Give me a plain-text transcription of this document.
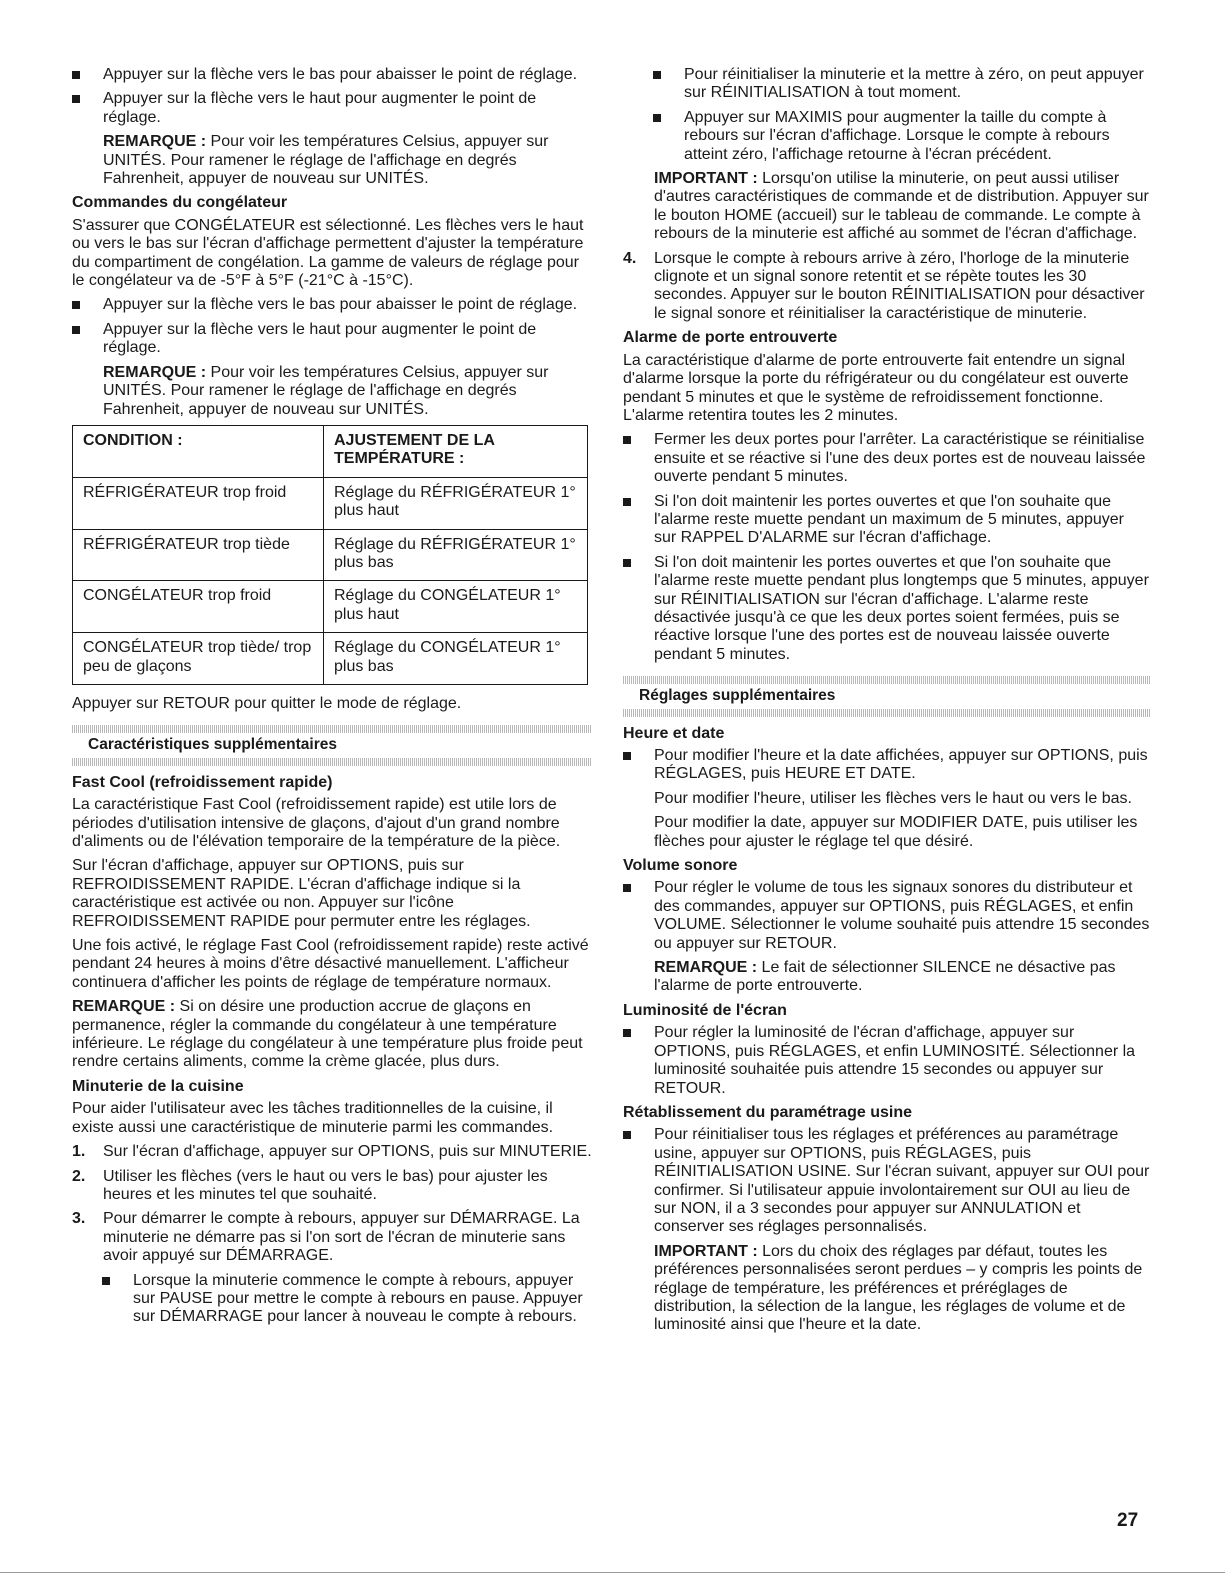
Appuyer sur la flèche vers le bas pour abaisser le point de réglage.
Appuyer sur la flèche vers le haut pour augmenter le point de réglage.
REMARQUE : Pour voir les températures Celsius, appuyer sur UNITÉS. Pour ramener le réglage de l'affichage en degrés Fahrenheit, appuyer de nouveau sur UNITÉS.
Commandes du congélateur

S'assurer que CONGÉLATEUR est sélectionné. Les flèches vers le haut ou vers le bas sur l'écran d'affichage permettent d'ajuster la température du compartiment de congélation. La gamme de valeurs de réglage pour le congélateur va de -5°F à 5°F (-21°C à -15°C).

Appuyer sur la flèche vers le bas pour abaisser le point de réglage.
Appuyer sur la flèche vers le haut pour augmenter le point de réglage.
REMARQUE : Pour voir les températures Celsius, appuyer sur UNITÉS. Pour ramener le réglage de l'affichage en degrés Fahrenheit, appuyer de nouveau sur UNITÉS.
CONDITION :	AJUSTEMENT DE LA TEMPÉRATURE :
RÉFRIGÉRATEUR trop froid	Réglage du RÉFRIGÉRATEUR 1° plus haut
RÉFRIGÉRATEUR trop tiède	Réglage du RÉFRIGÉRATEUR 1° plus bas
CONGÉLATEUR trop froid	Réglage du CONGÉLATEUR 1° plus haut
CONGÉLATEUR trop tiède/ trop peu de glaçons	Réglage du CONGÉLATEUR 1° plus bas

Appuyer sur RETOUR pour quitter le mode de réglage.

Caractéristiques supplémentaires
Fast Cool (refroidissement rapide)

La caractéristique Fast Cool (refroidissement rapide) est utile lors de périodes d'utilisation intensive de glaçons, d'ajout d'un grand nombre d'aliments ou de l'élévation temporaire de la température de la pièce.

Sur l'écran d'affichage, appuyer sur OPTIONS, puis sur REFROIDISSEMENT RAPIDE. L'écran d'affichage indique si la caractéristique est activée ou non. Appuyer sur l'icône REFROIDISSEMENT RAPIDE pour permuter entre les réglages.

Une fois activé, le réglage Fast Cool (refroidissement rapide) reste activé pendant 24 heures à moins d'être désactivé manuellement. L'afficheur continuera d'afficher les points de réglage de température normaux.

REMARQUE : Si on désire une production accrue de glaçons en permanence, régler la commande du congélateur à une température inférieure. Le réglage du congélateur à une température plus froide peut rendre certains aliments, comme la crème glacée, plus durs.

Minuterie de la cuisine

Pour aider l'utilisateur avec les tâches traditionnelles de la cuisine, il existe aussi une caractéristique de minuterie parmi les commandes.

1. Sur l'écran d'affichage, appuyer sur OPTIONS, puis sur MINUTERIE.
2. Utiliser les flèches (vers le haut ou vers le bas) pour ajuster les heures et les minutes tel que souhaité.
3. Pour démarrer le compte à rebours, appuyer sur DÉMARRAGE. La minuterie ne démarre pas si l'on sort de l'écran de minuterie sans avoir appuyé sur DÉMARRAGE.
Lorsque la minuterie commence le compte à rebours, appuyer sur PAUSE pour mettre le compte à rebours en pause. Appuyer sur DÉMARRAGE pour lancer à nouveau le compte à rebours.
Pour réinitialiser la minuterie et la mettre à zéro, on peut appuyer sur RÉINITIALISATION à tout moment.
Appuyer sur MAXIMIS pour augmenter la taille du compte à rebours sur l'écran d'affichage. Lorsque le compte à rebours atteint zéro, l'affichage retourne à l'écran précédent.
IMPORTANT : Lorsqu'on utilise la minuterie, on peut aussi utiliser d'autres caractéristiques de commande et de distribution. Appuyer sur le bouton HOME (accueil) sur le tableau de commande. Le compte à rebours de la minuterie est affiché au sommet de l'écran d'affichage.
4. Lorsque le compte à rebours arrive à zéro, l'horloge de la minuterie clignote et un signal sonore retentit et se répète toutes les 30 secondes. Appuyer sur le bouton RÉINITIALISATION pour désactiver le signal sonore et réinitialiser la caractéristique de minuterie.
Alarme de porte entrouverte

La caractéristique d'alarme de porte entrouverte fait entendre un signal d'alarme lorsque la porte du réfrigérateur ou du congélateur est ouverte pendant 5 minutes et que le système de refroidissement fonctionne. L'alarme retentira toutes les 2 minutes.

Fermer les deux portes pour l'arrêter. La caractéristique se réinitialise ensuite et se réactive si l'une des deux portes est de nouveau laissée ouverte pendant 5 minutes.
Si l'on doit maintenir les portes ouvertes et que l'on souhaite que l'alarme reste muette pendant un maximum de 5 minutes, appuyer sur RAPPEL D'ALARME sur l'écran d'affichage.
Si l'on doit maintenir les portes ouvertes et que l'on souhaite que l'alarme reste muette pendant plus longtemps que 5 minutes, appuyer sur RÉINITIALISATION sur l'écran d'affichage. L'alarme reste désactivée jusqu'à ce que les deux portes soient fermées, puis se réactive lorsque l'une des portes est de nouveau laissée ouverte pendant 5 minutes.
Réglages supplémentaires
Heure et date
Pour modifier l'heure et la date affichées, appuyer sur OPTIONS, puis RÉGLAGES, puis HEURE ET DATE.
Pour modifier l'heure, utiliser les flèches vers le haut ou vers le bas.
Pour modifier la date, appuyer sur MODIFIER DATE, puis utiliser les flèches pour ajuster le réglage tel que désiré.
Volume sonore
Pour régler le volume de tous les signaux sonores du distributeur et des commandes, appuyer sur OPTIONS, puis RÉGLAGES, et enfin VOLUME. Sélectionner le volume souhaité puis attendre 15 secondes ou appuyer sur RETOUR.
REMARQUE : Le fait de sélectionner SILENCE ne désactive pas l'alarme de porte entrouverte.
Luminosité de l'écran
Pour régler la luminosité de l'écran d'affichage, appuyer sur OPTIONS, puis RÉGLAGES, et enfin LUMINOSITÉ. Sélectionner la luminosité souhaitée puis attendre 15 secondes ou appuyer sur RETOUR.
Rétablissement du paramétrage usine
Pour réinitialiser tous les réglages et préférences au paramétrage usine, appuyer sur OPTIONS, puis RÉGLAGES, puis RÉINITIALISATION USINE. Sur l'écran suivant, appuyer sur OUI pour confirmer. Si l'utilisateur appuie involontairement sur OUI au lieu de sur NON, il a 3 secondes pour appuyer sur ANNULATION et conserver ses réglages personnalisés.
IMPORTANT : Lors du choix des réglages par défaut, toutes les préférences personnalisées seront perdues – y compris les points de réglage de température, les préférences et préréglages de distribution, la sélection de la langue, les réglages de volume et de luminosité ainsi que l'heure et la date.
27
